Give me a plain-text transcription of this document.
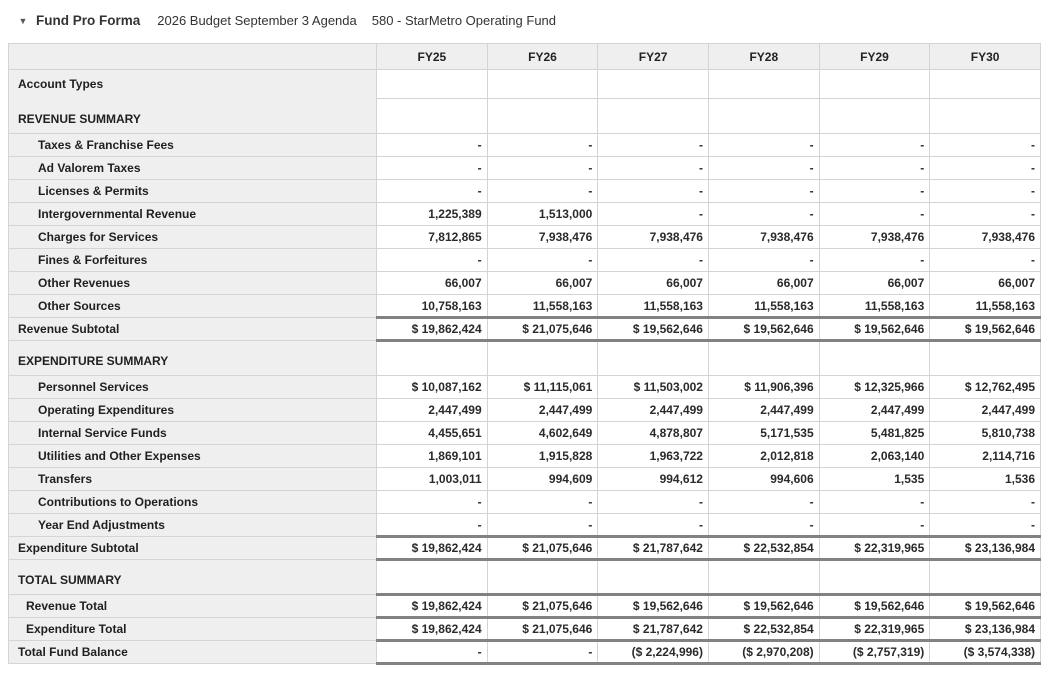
▼ Fund Pro Forma 2026 Budget September 3 Agenda 580 - StarMetro Operating Fund
	FY25	FY26	FY27	FY28	FY29	FY30
Account Types						
REVENUE SUMMARY						
Taxes & Franchise Fees	-	-	-	-	-	-
Ad Valorem Taxes	-	-	-	-	-	-
Licenses & Permits	-	-	-	-	-	-
Intergovernmental Revenue	1,225,389	1,513,000	-	-	-	-
Charges for Services	7,812,865	7,938,476	7,938,476	7,938,476	7,938,476	7,938,476
Fines & Forfeitures	-	-	-	-	-	-
Other Revenues	66,007	66,007	66,007	66,007	66,007	66,007
Other Sources	10,758,163	11,558,163	11,558,163	11,558,163	11,558,163	11,558,163
Revenue Subtotal	$ 19,862,424	$ 21,075,646	$ 19,562,646	$ 19,562,646	$ 19,562,646	$ 19,562,646
EXPENDITURE SUMMARY						
Personnel Services	$ 10,087,162	$ 11,115,061	$ 11,503,002	$ 11,906,396	$ 12,325,966	$ 12,762,495
Operating Expenditures	2,447,499	2,447,499	2,447,499	2,447,499	2,447,499	2,447,499
Internal Service Funds	4,455,651	4,602,649	4,878,807	5,171,535	5,481,825	5,810,738
Utilities and Other Expenses	1,869,101	1,915,828	1,963,722	2,012,818	2,063,140	2,114,716
Transfers	1,003,011	994,609	994,612	994,606	1,535	1,536
Contributions to Operations	-	-	-	-	-	-
Year End Adjustments	-	-	-	-	-	-
Expenditure Subtotal	$ 19,862,424	$ 21,075,646	$ 21,787,642	$ 22,532,854	$ 22,319,965	$ 23,136,984
TOTAL SUMMARY						
Revenue Total	$ 19,862,424	$ 21,075,646	$ 19,562,646	$ 19,562,646	$ 19,562,646	$ 19,562,646
Expenditure Total	$ 19,862,424	$ 21,075,646	$ 21,787,642	$ 22,532,854	$ 22,319,965	$ 23,136,984
Total Fund Balance	-	-	($ 2,224,996)	($ 2,970,208)	($ 2,757,319)	($ 3,574,338)
